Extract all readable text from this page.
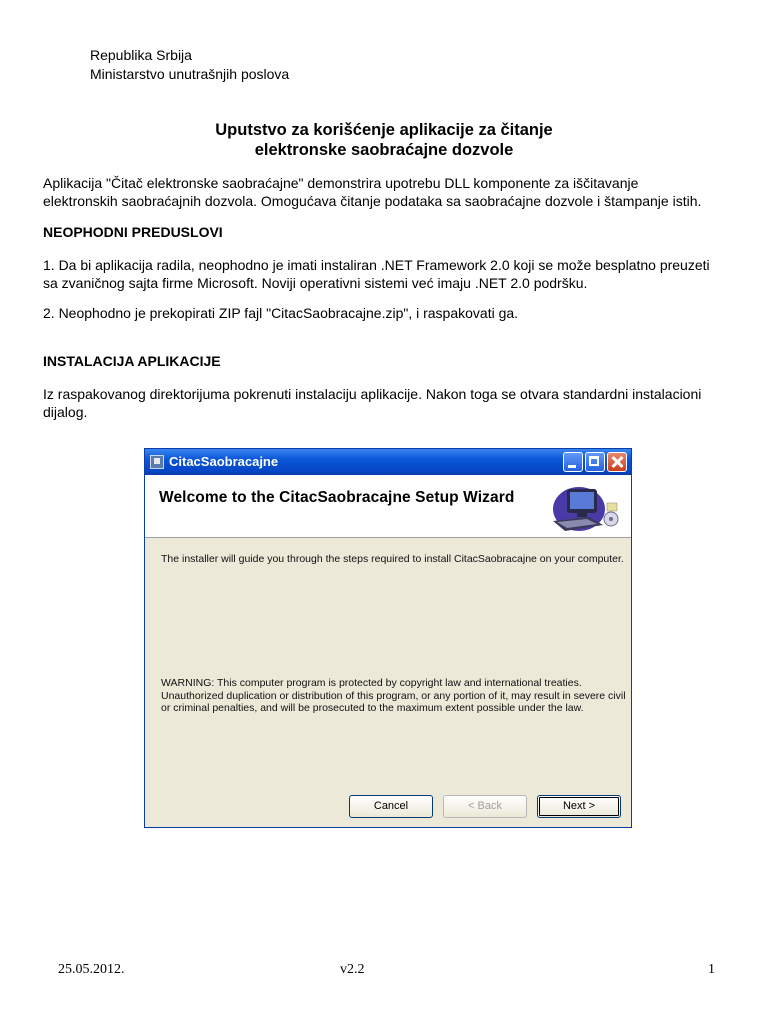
Republika Srbija
Ministarstvo unutrašnjih poslova
Uputstvo za korišćenje aplikacije za čitanje
elektronske saobraćajne dozvole
Aplikacija "Čitač elektronske saobraćajne" demonstrira upotrebu DLL komponente za iščitavanje
elektronskih saobraćajnih dozvola. Omogućava čitanje podataka sa saobraćajne dozvole i štampanje istih.
NEOPHODNI PREDUSLOVI
1. Da bi aplikacija radila, neophodno je imati instaliran .NET Framework 2.0 koji se može besplatno preuzeti
sa zvaničnog sajta firme Microsoft. Noviji operativni sistemi već imaju .NET 2.0 podršku.
2. Neophodno je prekopirati ZIP fajl "CitacSaobracajne.zip", i raspakovati ga.
INSTALACIJA APLIKACIJE
Iz raspakovanog direktorijuma pokrenuti instalaciju aplikacije. Nakon toga se otvara standardni instalacioni
dijalog.
CitacSaobracajne
Welcome to the CitacSaobracajne Setup Wizard
The installer will guide you through the steps required to install CitacSaobracajne on your computer.
WARNING: This computer program is protected by copyright law and international treaties.
Unauthorized duplication or distribution of this program, or any portion of it, may result in severe civil
or criminal penalties, and will be prosecuted to the maximum extent possible under the law.
Cancel	< Back	Next >
25.05.2012.	v2.2	1
